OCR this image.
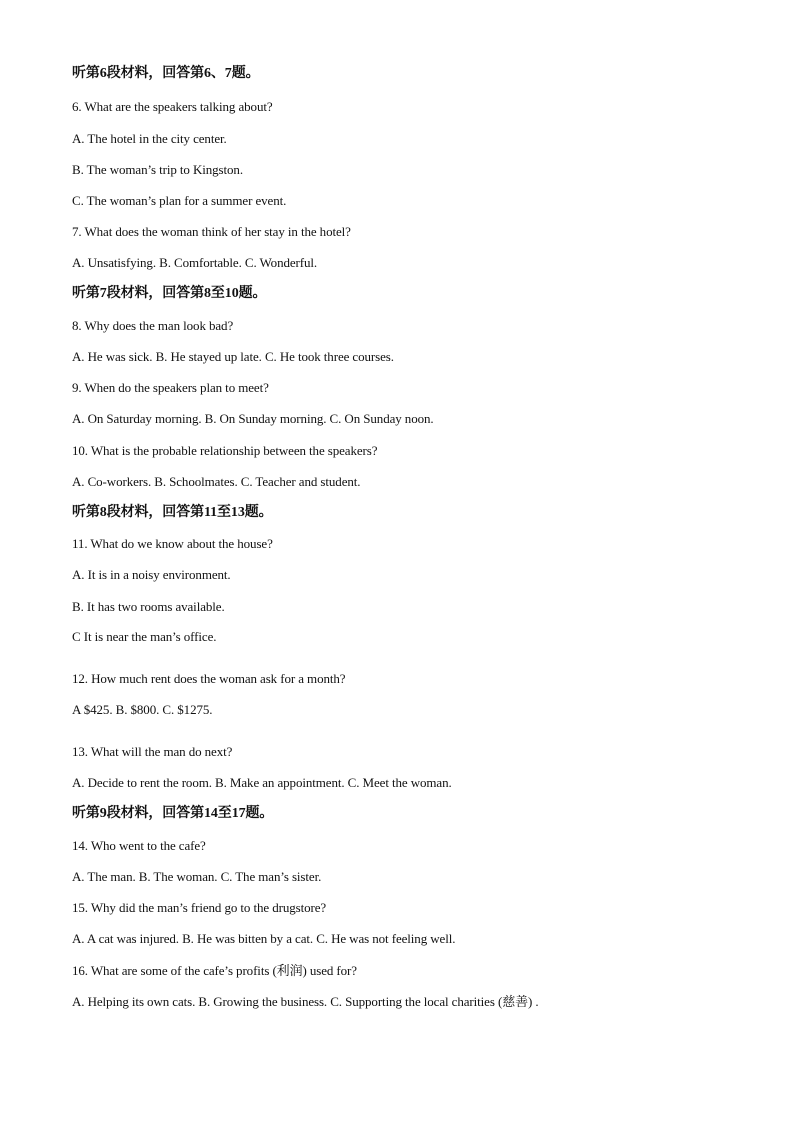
听第6段材料，回答第6、7题。
6. What are the speakers talking about?
A. The hotel in the city center.
B. The woman’s trip to Kingston.
C. The woman’s plan for a summer event.
7. What does the woman think of her stay in the hotel?
A. Unsatisfying. B. Comfortable. C. Wonderful.
听第7段材料，回答第8至10题。
8. Why does the man look bad?
A. He was sick. B. He stayed up late. C. He took three courses.
9. When do the speakers plan to meet?
A. On Saturday morning. B. On Sunday morning. C. On Sunday noon.
10. What is the probable relationship between the speakers?
A. Co-workers. B. Schoolmates. C. Teacher and student.
听第8段材料，回答第11至13题。
11. What do we know about the house?
A. It is in a noisy environment.
B. It has two rooms available.
C It is near the man’s office.
12. How much rent does the woman ask for a month?
A $425. B. $800. C. $1275.
13. What will the man do next?
A. Decide to rent the room. B. Make an appointment. C. Meet the woman.
听第9段材料，回答第14至17题。
14. Who went to the cafe?
A. The man. B. The woman. C. The man’s sister.
15. Why did the man’s friend go to the drugstore?
A. A cat was injured. B. He was bitten by a cat. C. He was not feeling well.
16. What are some of the cafe’s profits (利润) used for?
A. Helping its own cats. B. Growing the business. C. Supporting the local charities (慈善) .
